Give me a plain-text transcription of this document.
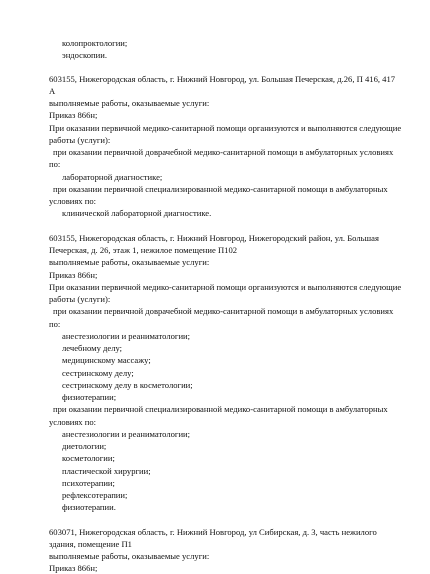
колопроктологии;
эндоскопии.
603155, Нижегородская область, г. Нижний Новгород, ул. Большая Печерская, д.26, П 416, 417
А
выполняемые работы, оказываемые услуги:
Приказ 866н;
При оказании первичной медико-санитарной помощи организуются и выполняются следующие
работы (услуги):
при оказании первичной доврачебной медико-санитарной помощи в амбулаторных условиях
по:
лабораторной диагностике;
при оказании первичной специализированной медико-санитарной помощи в амбулаторных
условиях по:
клинической лабораторной диагностике.
603155, Нижегородская область, г. Нижний Новгород, Нижегородский район, ул. Большая
Печерская, д. 26, этаж 1, нежилое помещение П102
выполняемые работы, оказываемые услуги:
Приказ 866н;
При оказании первичной медико-санитарной помощи организуются и выполняются следующие
работы (услуги):
при оказании первичной доврачебной медико-санитарной помощи в амбулаторных условиях
по:
анестезиологии и реаниматологии;
лечебному делу;
медицинскому массажу;
сестринскому делу;
сестринскому делу в косметологии;
физиотерапии;
при оказании первичной специализированной медико-санитарной помощи в амбулаторных
условиях по:
анестезиологии и реаниматологии;
диетологии;
косметологии;
пластической хирургии;
психотерапии;
рефлексотерапии;
физиотерапии.
603071, Нижегородская область, г. Нижний Новгород, ул Сибирская, д. 3, часть нежилого
здания, помещение П1
выполняемые работы, оказываемые услуги:
Приказ 866н;
